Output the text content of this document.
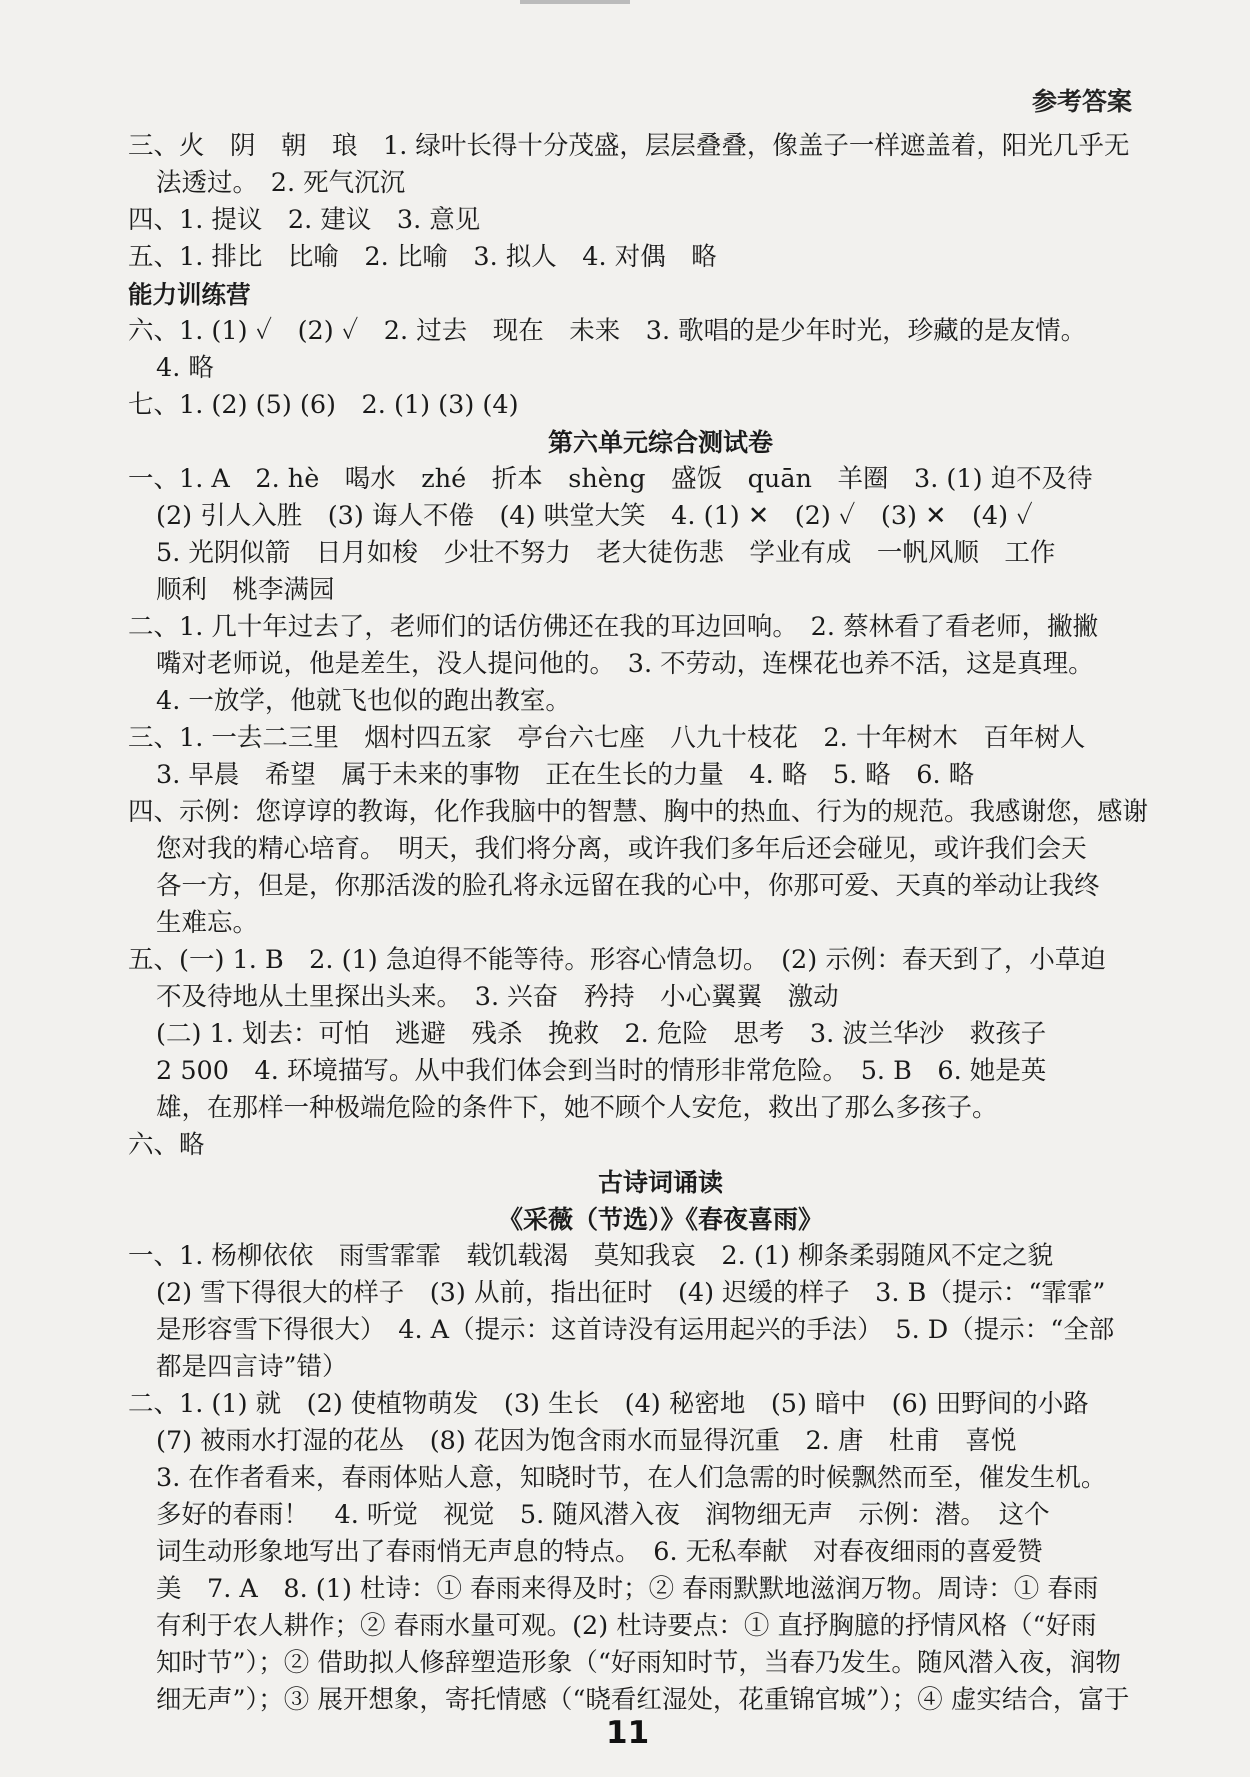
参考答案

三、火　阴　朝　琅　1. 绿叶长得十分茂盛，层层叠叠，像盖子一样遮盖着，阳光几乎无

法透过。　2. 死气沉沉

四、1. 提议　2. 建议　3. 意见

五、1. 排比　比喻　2. 比喻　3. 拟人　4. 对偶　略

能力训练营

六、1. (1) ✓　(2) ✓　2. 过去　现在　未来　3. 歌唱的是少年时光，珍藏的是友情。

4. 略

七、1. (2) (5) (6)　2. (1) (3) (4)

第六单元综合测试卷

一、1. A　2. hè　喝水　zhé　折本　shèng　盛饭　quān　羊圈　3. (1) 迫不及待

(2) 引人入胜　(3) 诲人不倦　(4) 哄堂大笑　4. (1) ✕　(2) ✓　(3) ✕　(4) ✓

5. 光阴似箭　日月如梭　少壮不努力　老大徒伤悲　学业有成　一帆风顺　工作

顺利　桃李满园

二、1. 几十年过去了，老师们的话仿佛还在我的耳边回响。　2. 蔡林看了看老师，撇撇

嘴对老师说，他是差生，没人提问他的。　3. 不劳动，连棵花也养不活，这是真理。

4. 一放学，他就飞也似的跑出教室。

三、1. 一去二三里　烟村四五家　亭台六七座　八九十枝花　2. 十年树木　百年树人

3. 早晨　希望　属于未来的事物　正在生长的力量　4. 略　5. 略　6. 略

四、示例：您谆谆的教诲，化作我脑中的智慧、胸中的热血、行为的规范。我感谢您，感谢

您对我的精心培育。　明天，我们将分离，或许我们多年后还会碰见，或许我们会天

各一方，但是，你那活泼的脸孔将永远留在我的心中，你那可爱、天真的举动让我终

生难忘。

五、(一) 1. B　2. (1) 急迫得不能等待。形容心情急切。　(2) 示例：春天到了，小草迫

不及待地从土里探出头来。　3. 兴奋　矜持　小心翼翼　激动

(二) 1. 划去：可怕　逃避　残杀　挽救　2. 危险　思考　3. 波兰华沙　救孩子

2 500　4. 环境描写。从中我们体会到当时的情形非常危险。　5. B　6. 她是英

雄，在那样一种极端危险的条件下，她不顾个人安危，救出了那么多孩子。

六、略

古诗词诵读

《采薇（节选）》《春夜喜雨》

一、1. 杨柳依依　雨雪霏霏　载饥载渴　莫知我哀　2. (1) 柳条柔弱随风不定之貌

(2) 雪下得很大的样子　(3) 从前，指出征时　(4) 迟缓的样子　3. B（提示：“霏霏”

是形容雪下得很大）　4. A（提示：这首诗没有运用起兴的手法）　5. D（提示：“全部

都是四言诗”错）

二、1. (1) 就　(2) 使植物萌发　(3) 生长　(4) 秘密地　(5) 暗中　(6) 田野间的小路

(7) 被雨水打湿的花丛　(8) 花因为饱含雨水而显得沉重　2. 唐　杜甫　喜悦

3. 在作者看来，春雨体贴人意，知晓时节，在人们急需的时候飘然而至，催发生机。

多好的春雨！　4. 听觉　视觉　5. 随风潜入夜　润物细无声　示例：潜。　这个

词生动形象地写出了春雨悄无声息的特点。　6. 无私奉献　对春夜细雨的喜爱赞

美　7. A　8. (1) 杜诗：① 春雨来得及时；② 春雨默默地滋润万物。周诗：① 春雨

有利于农人耕作；② 春雨水量可观。(2) 杜诗要点：① 直抒胸臆的抒情风格（“好雨

知时节”）；② 借助拟人修辞塑造形象（“好雨知时节，当春乃发生。随风潜入夜，润物

细无声”）；③ 展开想象，寄托情感（“晓看红湿处，花重锦官城”）；④ 虚实结合，富于

11
